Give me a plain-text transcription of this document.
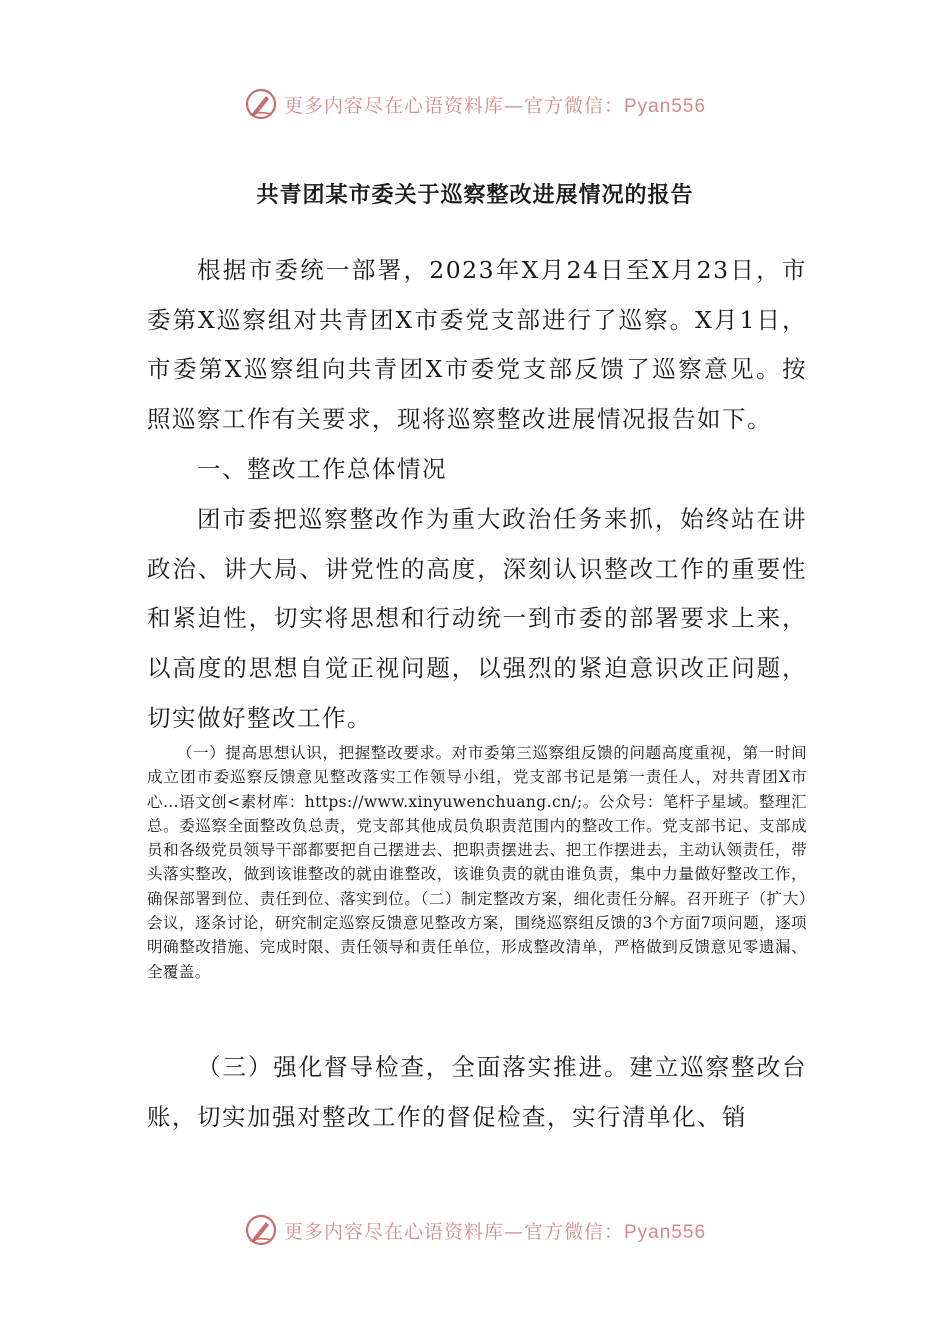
更多内容尽在心语资料库—官方微信：Pyan556
共青团某市委关于巡察整改进展情况的报告
根据市委统一部署，2023年X月24日至X月23日，市委第X巡察组对共青团X市委党支部进行了巡察。X月1日，市委第X巡察组向共青团X市委党支部反馈了巡察意见。按照巡察工作有关要求，现将巡察整改进展情况报告如下。
一、整改工作总体情况
团市委把巡察整改作为重大政治任务来抓，始终站在讲政治、讲大局、讲党性的高度，深刻认识整改工作的重要性和紧迫性，切实将思想和行动统一到市委的部署要求上来，以高度的思想自觉正视问题，以强烈的紧迫意识改正问题，切实做好整改工作。
（一）提高思想认识，把握整改要求。对市委第三巡察组反馈的问题高度重视，第一时间成立团市委巡察反馈意见整改落实工作领导小组，党支部书记是第一责任人，对共青团X市心…语文创<素材库：https://www.xinyuwenchuang.cn/;。公众号：笔杆子星域。整理汇总。委巡察全面整改负总责，党支部其他成员负职责范围内的整改工作。党支部书记、支部成员和各级党员领导干部都要把自己摆进去、把职责摆进去、把工作摆进去，主动认领责任，带头落实整改，做到该谁整改的就由谁整改，该谁负责的就由谁负责，集中力量做好整改工作，确保部署到位、责任到位、落实到位。（二）制定整改方案，细化责任分解。召开班子（扩大）会议，逐条讨论，研究制定巡察反馈意见整改方案，围绕巡察组反馈的3个方面7项问题，逐项明确整改措施、完成时限、责任领导和责任单位，形成整改清单，严格做到反馈意见零遗漏、全覆盖。
（三）强化督导检查，全面落实推进。建立巡察整改台账，切实加强对整改工作的督促检查，实行清单化、销
更多内容尽在心语资料库—官方微信：Pyan556
